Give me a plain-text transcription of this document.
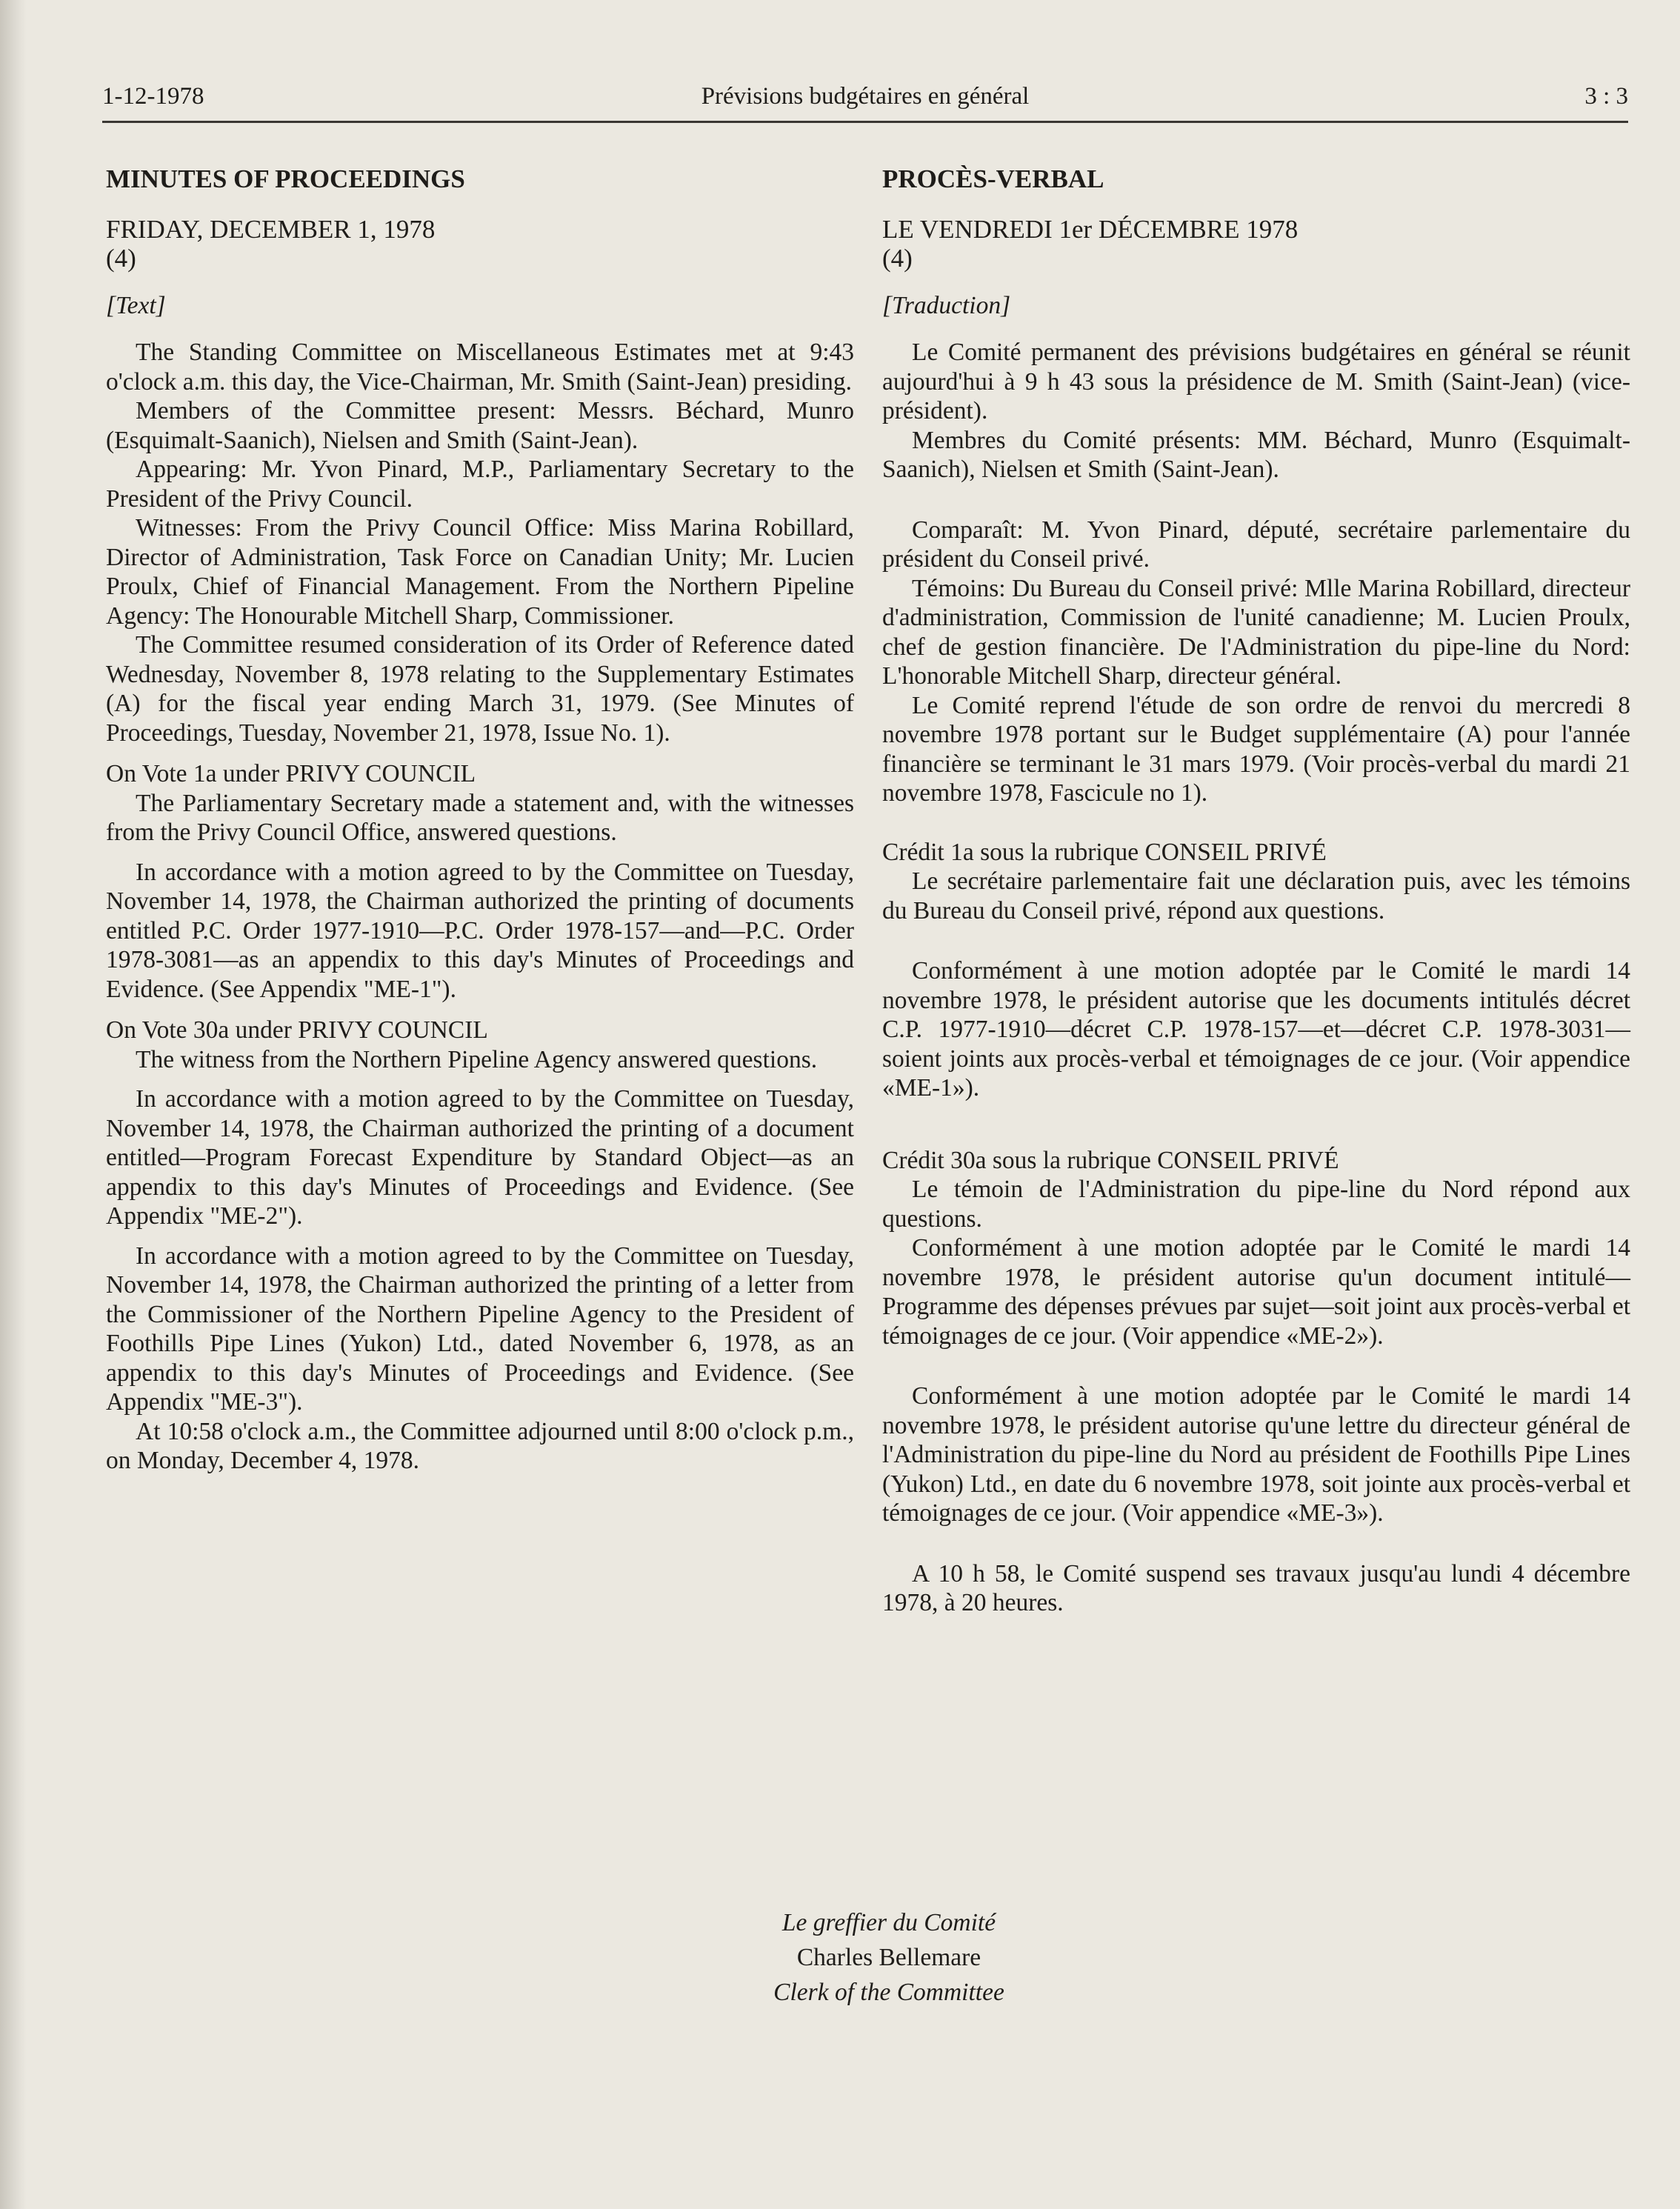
1-12-1978	Prévisions budgétaires en général	3 : 3
MINUTES OF PROCEEDINGS
FRIDAY, DECEMBER 1, 1978
(4)
[Text]

The Standing Committee on Miscellaneous Estimates met at 9:43 o'clock a.m. this day, the Vice-Chairman, Mr. Smith (Saint-Jean) presiding.

Members of the Committee present: Messrs. Béchard, Munro (Esquimalt-Saanich), Nielsen and Smith (Saint-Jean).

Appearing: Mr. Yvon Pinard, M.P., Parliamentary Secretary to the President of the Privy Council.

Witnesses: From the Privy Council Office: Miss Marina Robillard, Director of Administration, Task Force on Canadian Unity; Mr. Lucien Proulx, Chief of Financial Management. From the Northern Pipeline Agency: The Honourable Mitchell Sharp, Commissioner.

The Committee resumed consideration of its Order of Reference dated Wednesday, November 8, 1978 relating to the Supplementary Estimates (A) for the fiscal year ending March 31, 1979. (See Minutes of Proceedings, Tuesday, November 21, 1978, Issue No. 1).

On Vote 1a under PRIVY COUNCIL

The Parliamentary Secretary made a statement and, with the witnesses from the Privy Council Office, answered questions.

In accordance with a motion agreed to by the Committee on Tuesday, November 14, 1978, the Chairman authorized the printing of documents entitled P.C. Order 1977-1910—P.C. Order 1978-157—and—P.C. Order 1978-3081—as an appendix to this day's Minutes of Proceedings and Evidence. (See Appendix "ME-1").

On Vote 30a under PRIVY COUNCIL

The witness from the Northern Pipeline Agency answered questions.

In accordance with a motion agreed to by the Committee on Tuesday, November 14, 1978, the Chairman authorized the printing of a document entitled—Program Forecast Expenditure by Standard Object—as an appendix to this day's Minutes of Proceedings and Evidence. (See Appendix "ME-2").

In accordance with a motion agreed to by the Committee on Tuesday, November 14, 1978, the Chairman authorized the printing of a letter from the Commissioner of the Northern Pipeline Agency to the President of Foothills Pipe Lines (Yukon) Ltd., dated November 6, 1978, as an appendix to this day's Minutes of Proceedings and Evidence. (See Appendix "ME-3").

At 10:58 o'clock a.m., the Committee adjourned until 8:00 o'clock p.m., on Monday, December 4, 1978.

PROCÈS-VERBAL
LE VENDREDI 1er DÉCEMBRE 1978
(4)
[Traduction]

Le Comité permanent des prévisions budgétaires en général se réunit aujourd'hui à 9 h 43 sous la présidence de M. Smith (Saint-Jean) (vice-président).

Membres du Comité présents: MM. Béchard, Munro (Esquimalt-Saanich), Nielsen et Smith (Saint-Jean).

Comparaît: M. Yvon Pinard, député, secrétaire parlementaire du président du Conseil privé.

Témoins: Du Bureau du Conseil privé: Mlle Marina Robillard, directeur d'administration, Commission de l'unité canadienne; M. Lucien Proulx, chef de gestion financière. De l'Administration du pipe-line du Nord: L'honorable Mitchell Sharp, directeur général.

Le Comité reprend l'étude de son ordre de renvoi du mercredi 8 novembre 1978 portant sur le Budget supplémentaire (A) pour l'année financière se terminant le 31 mars 1979. (Voir procès-verbal du mardi 21 novembre 1978, Fascicule no 1).

Crédit 1a sous la rubrique CONSEIL PRIVÉ

Le secrétaire parlementaire fait une déclaration puis, avec les témoins du Bureau du Conseil privé, répond aux questions.

Conformément à une motion adoptée par le Comité le mardi 14 novembre 1978, le président autorise que les documents intitulés décret C.P. 1977-1910—décret C.P. 1978-157—et—décret C.P. 1978-3031—soient joints aux procès-verbal et témoignages de ce jour. (Voir appendice «ME-1»).

Crédit 30a sous la rubrique CONSEIL PRIVÉ

Le témoin de l'Administration du pipe-line du Nord répond aux questions.

Conformément à une motion adoptée par le Comité le mardi 14 novembre 1978, le président autorise qu'un document intitulé—Programme des dépenses prévues par sujet—soit joint aux procès-verbal et témoignages de ce jour. (Voir appendice «ME-2»).

Conformément à une motion adoptée par le Comité le mardi 14 novembre 1978, le président autorise qu'une lettre du directeur général de l'Administration du pipe-line du Nord au président de Foothills Pipe Lines (Yukon) Ltd., en date du 6 novembre 1978, soit jointe aux procès-verbal et témoignages de ce jour. (Voir appendice «ME-3»).

A 10 h 58, le Comité suspend ses travaux jusqu'au lundi 4 décembre 1978, à 20 heures.

Le greffier du Comité
Charles Bellemare
Clerk of the Committee
